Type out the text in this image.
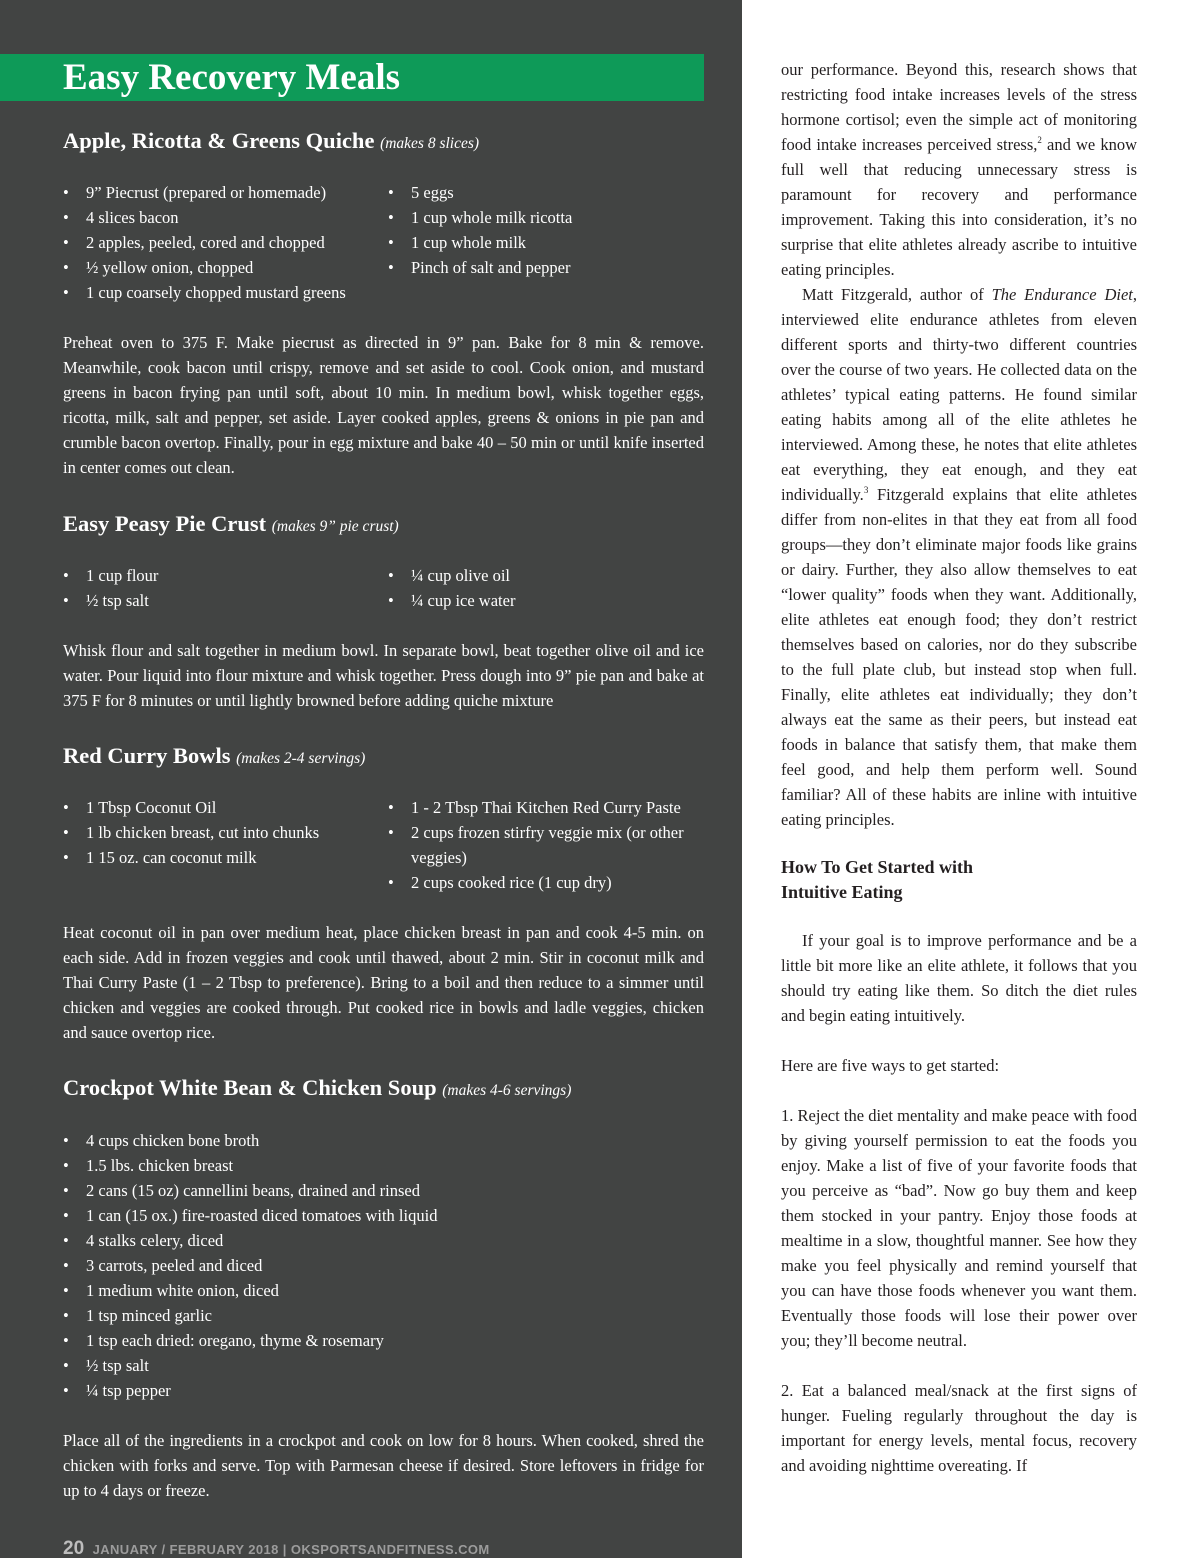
Easy Recovery Meals
Apple, Ricotta & Greens Quiche (makes 8 slices)
• 9” Piecrust (prepared or homemade)
• 4 slices bacon
• 2 apples, peeled, cored and chopped
• ½ yellow onion, chopped
• 1 cup coarsely chopped mustard greens
• 5 eggs
• 1 cup whole milk ricotta
• 1 cup whole milk
• Pinch of salt and pepper

Preheat oven to 375 F. Make piecrust as directed in 9” pan. Bake for 8 min & remove. Meanwhile, cook bacon until crispy, remove and set aside to cool. Cook onion, and mustard greens in bacon frying pan until soft, about 10 min. In medium bowl, whisk together eggs, ricotta, milk, salt and pepper, set aside. Layer cooked apples, greens & onions in pie pan and crumble bacon overtop. Finally, pour in egg mixture and bake 40 – 50 min or until knife inserted in center comes out clean.

Easy Peasy Pie Crust (makes 9” pie crust)
• 1 cup flour
• ½ tsp salt
• ¼ cup olive oil
• ¼ cup ice water

Whisk flour and salt together in medium bowl. In separate bowl, beat together olive oil and ice water. Pour liquid into flour mixture and whisk together. Press dough into 9” pie pan and bake at 375 F for 8 minutes or until lightly browned before adding quiche mixture

Red Curry Bowls (makes 2-4 servings)
• 1 Tbsp Coconut Oil
• 1 lb chicken breast, cut into chunks
• 1 15 oz. can coconut milk
• 1 - 2 Tbsp Thai Kitchen Red Curry Paste
• 2 cups frozen stirfry veggie mix (or other veggies)
• 2 cups cooked rice (1 cup dry)

Heat coconut oil in pan over medium heat, place chicken breast in pan and cook 4-5 min. on each side. Add in frozen veggies and cook until thawed, about 2 min. Stir in coconut milk and Thai Curry Paste (1 – 2 Tbsp to preference). Bring to a boil and then reduce to a simmer until chicken and veggies are cooked through. Put cooked rice in bowls and ladle veggies, chicken and sauce overtop rice.

Crockpot White Bean & Chicken Soup (makes 4-6 servings)
• 4 cups chicken bone broth
• 1.5 lbs. chicken breast
• 2 cans (15 oz) cannellini beans, drained and rinsed
• 1 can (15 ox.) fire-roasted diced tomatoes with liquid
• 4 stalks celery, diced
• 3 carrots, peeled and diced
• 1 medium white onion, diced
• 1 tsp minced garlic
• 1 tsp each dried: oregano, thyme & rosemary
• ½ tsp salt
• ¼ tsp pepper

Place all of the ingredients in a crockpot and cook on low for 8 hours. When cooked, shred the chicken with forks and serve. Top with Parmesan cheese if desired. Store leftovers in fridge for up to 4 days or freeze.

20 JANUARY / FEBRUARY 2018 | OKSPORTSANDFITNESS.COM

our performance. Beyond this, research shows that restricting food intake increases levels of the stress hormone cortisol; even the simple act of monitoring food intake increases perceived stress,$^2$ and we know full well that reducing unnecessary stress is paramount for recovery and performance improvement. Taking this into consideration, it’s no surprise that elite athletes already ascribe to intuitive eating principles.

Matt Fitzgerald, author of The Endurance Diet, interviewed elite endurance athletes from eleven different sports and thirty-two different countries over the course of two years. He collected data on the athletes’ typical eating patterns. He found similar eating habits among all of the elite athletes he interviewed. Among these, he notes that elite athletes eat everything, they eat enough, and they eat individually.$^3$ Fitzgerald explains that elite athletes differ from non-elites in that they eat from all food groups—they don’t eliminate major foods like grains or dairy. Further, they also allow themselves to eat “lower quality” foods when they want. Additionally, elite athletes eat enough food; they don’t restrict themselves based on calories, nor do they subscribe to the full plate club, but instead stop when full. Finally, elite athletes eat individually; they don’t always eat the same as their peers, but instead eat foods in balance that satisfy them, that make them feel good, and help them perform well. Sound familiar? All of these habits are inline with intuitive eating principles.

How To Get Started with

Intuitive Eating

If your goal is to improve performance and be a little bit more like an elite athlete, it follows that you should try eating like them. So ditch the diet rules and begin eating intuitively.

Here are five ways to get started:

1. Reject the diet mentality and make peace with food by giving yourself permission to eat the foods you enjoy. Make a list of five of your favorite foods that you perceive as “bad”. Now go buy them and keep them stocked in your pantry. Enjoy those foods at mealtime in a slow, thoughtful manner. See how they make you feel physically and remind yourself that you can have those foods whenever you want them. Eventually those foods will lose their power over you; they’ll become neutral.

2. Eat a balanced meal/snack at the first signs of hunger. Fueling regularly throughout the day is important for energy levels, mental focus, recovery and avoiding nighttime overeating. If
